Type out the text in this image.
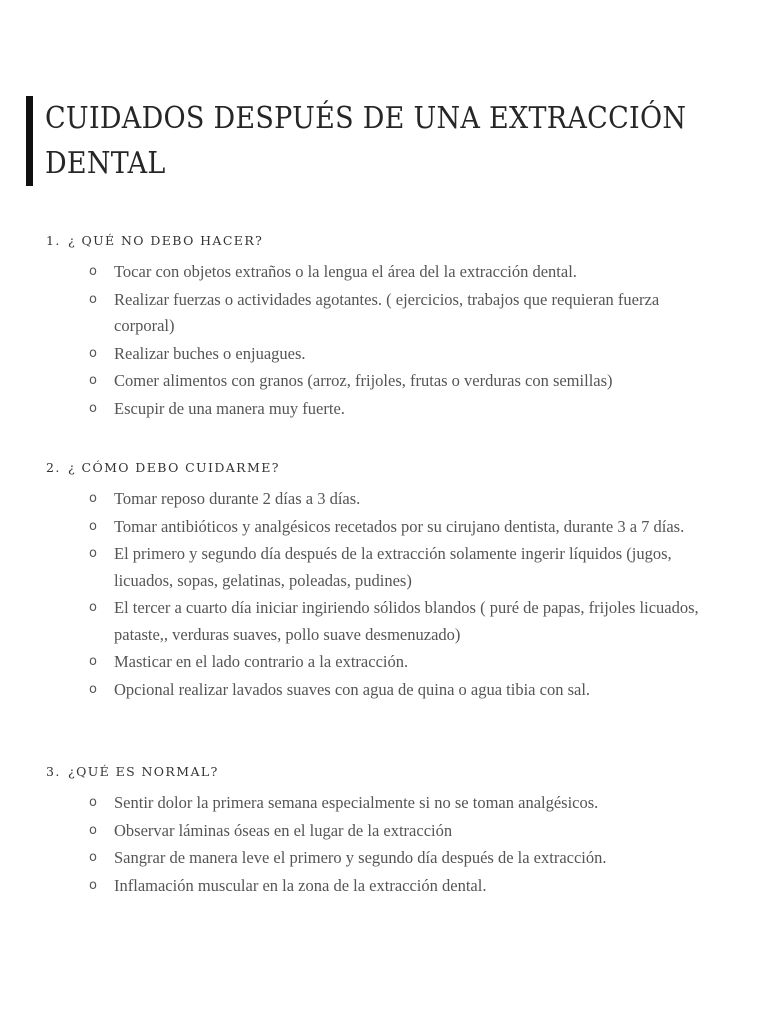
CUIDADOS DESPUÉS DE UNA EXTRACCIÓN DENTAL
1. ¿ QUÉ NO DEBO HACER?
o Tocar con objetos extraños o la lengua el área del la extracción dental.
o Realizar fuerzas o actividades agotantes. ( ejercicios, trabajos que requieran fuerza corporal)
o Realizar buches o enjuagues.
o Comer alimentos con granos (arroz, frijoles, frutas o verduras con semillas)
o Escupir de una manera muy fuerte.
2. ¿ CÓMO DEBO CUIDARME?
o Tomar reposo durante 2 días a 3 días.
o Tomar antibióticos y analgésicos recetados por su cirujano dentista, durante 3 a 7 días.
o El primero y segundo día después de la extracción solamente ingerir líquidos (jugos, licuados, sopas, gelatinas, poleadas, pudines)
o El tercer a cuarto día iniciar ingiriendo sólidos blandos ( puré de papas, frijoles licuados, pataste,, verduras suaves, pollo suave desmenuzado)
o Masticar en el lado contrario a la extracción.
o Opcional realizar lavados suaves con agua de quina o agua tibia con sal.
3. ¿QUÉ ES NORMAL?
o Sentir dolor la primera semana especialmente si no se toman analgésicos.
o Observar láminas óseas en el lugar de la extracción
o Sangrar de manera leve el primero y segundo día después de la extracción.
o Inflamación muscular en la zona de la extracción dental.
